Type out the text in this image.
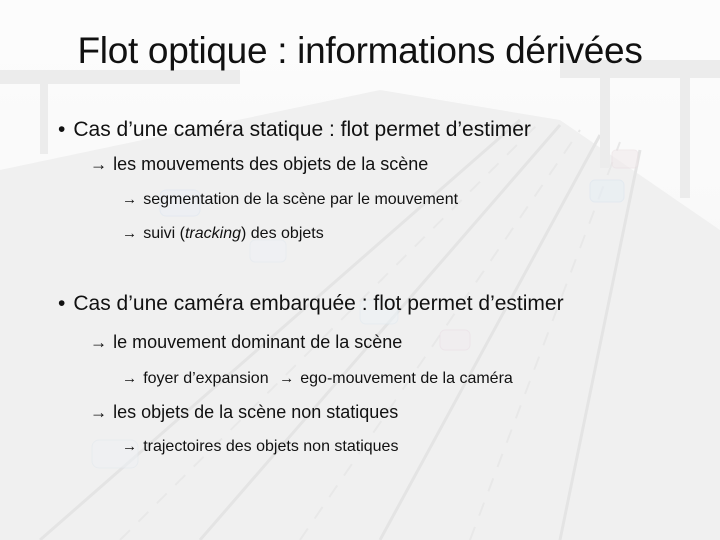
Flot optique : informations dérivées
• Cas d’une caméra statique : flot permet d’estimer
→ les mouvements des objets de la scène
→ segmentation de la scène par le mouvement
→ suivi (tracking) des objets
• Cas d’une caméra embarquée : flot permet d’estimer
→ le mouvement dominant de la scène
→ foyer d’expansion → ego-mouvement de la caméra
→ les objets de la scène non statiques
→ trajectoires des objets non statiques
